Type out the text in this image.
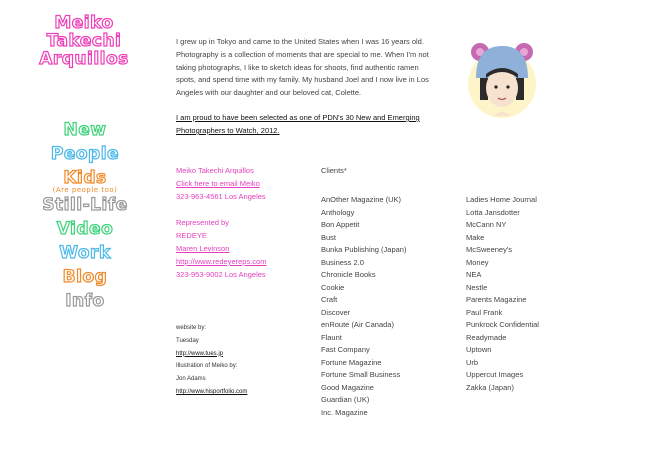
Meiko
Takechi
Arquillos
New
People
Kids
(Are people too)
Still-Life
Video
Work
Blog
Info

I grew up in Tokyo and came to the United States when I was 16 years old. Photography is a collection of moments that are special to me. When I'm not taking photographs, I like to sketch ideas for shoots, find authentic ramen spots, and spend time with my family. My husband Joel and I now live in Los Angeles with our daughter and our beloved cat, Colette.

I am proud to have been selected as one of PDN's 30 New and Emerging Photographers to Watch, 2012.

Meiko Takechi Arquillos
Click here to email Meiko
323-963-4561 Los Angeles
Represented by
REDEYE
Maren Levinson
http://www.redeyereps.com
323-953-9002 Los Angeles
website by:
Tuesday
http://www.tues.jp
Illustration of Meiko by:
Jon Adams
http://www.hisportfolio.com
Clients*
AnOther Magazine (UK)
Anthology
Bon Appetit
Bust
Bunka Publishing (Japan)
Business 2.0
Chronicle Books
Cookie
Craft
Discover
enRoute (Air Canada)
Flaunt
Fast Company
Fortune Magazine
Fortune Small Business
Good Magazine
Guardian (UK)
Inc. Magazine
Ladies Home Journal
Lotta Jansdotter
McCann NY
Make
McSweeney's
Money
NEA
Nestle
Parents Magazine
Paul Frank
Punkrock Confidential
Readymade
Uptown
Urb
Uppercut Images
Zakka (Japan)
